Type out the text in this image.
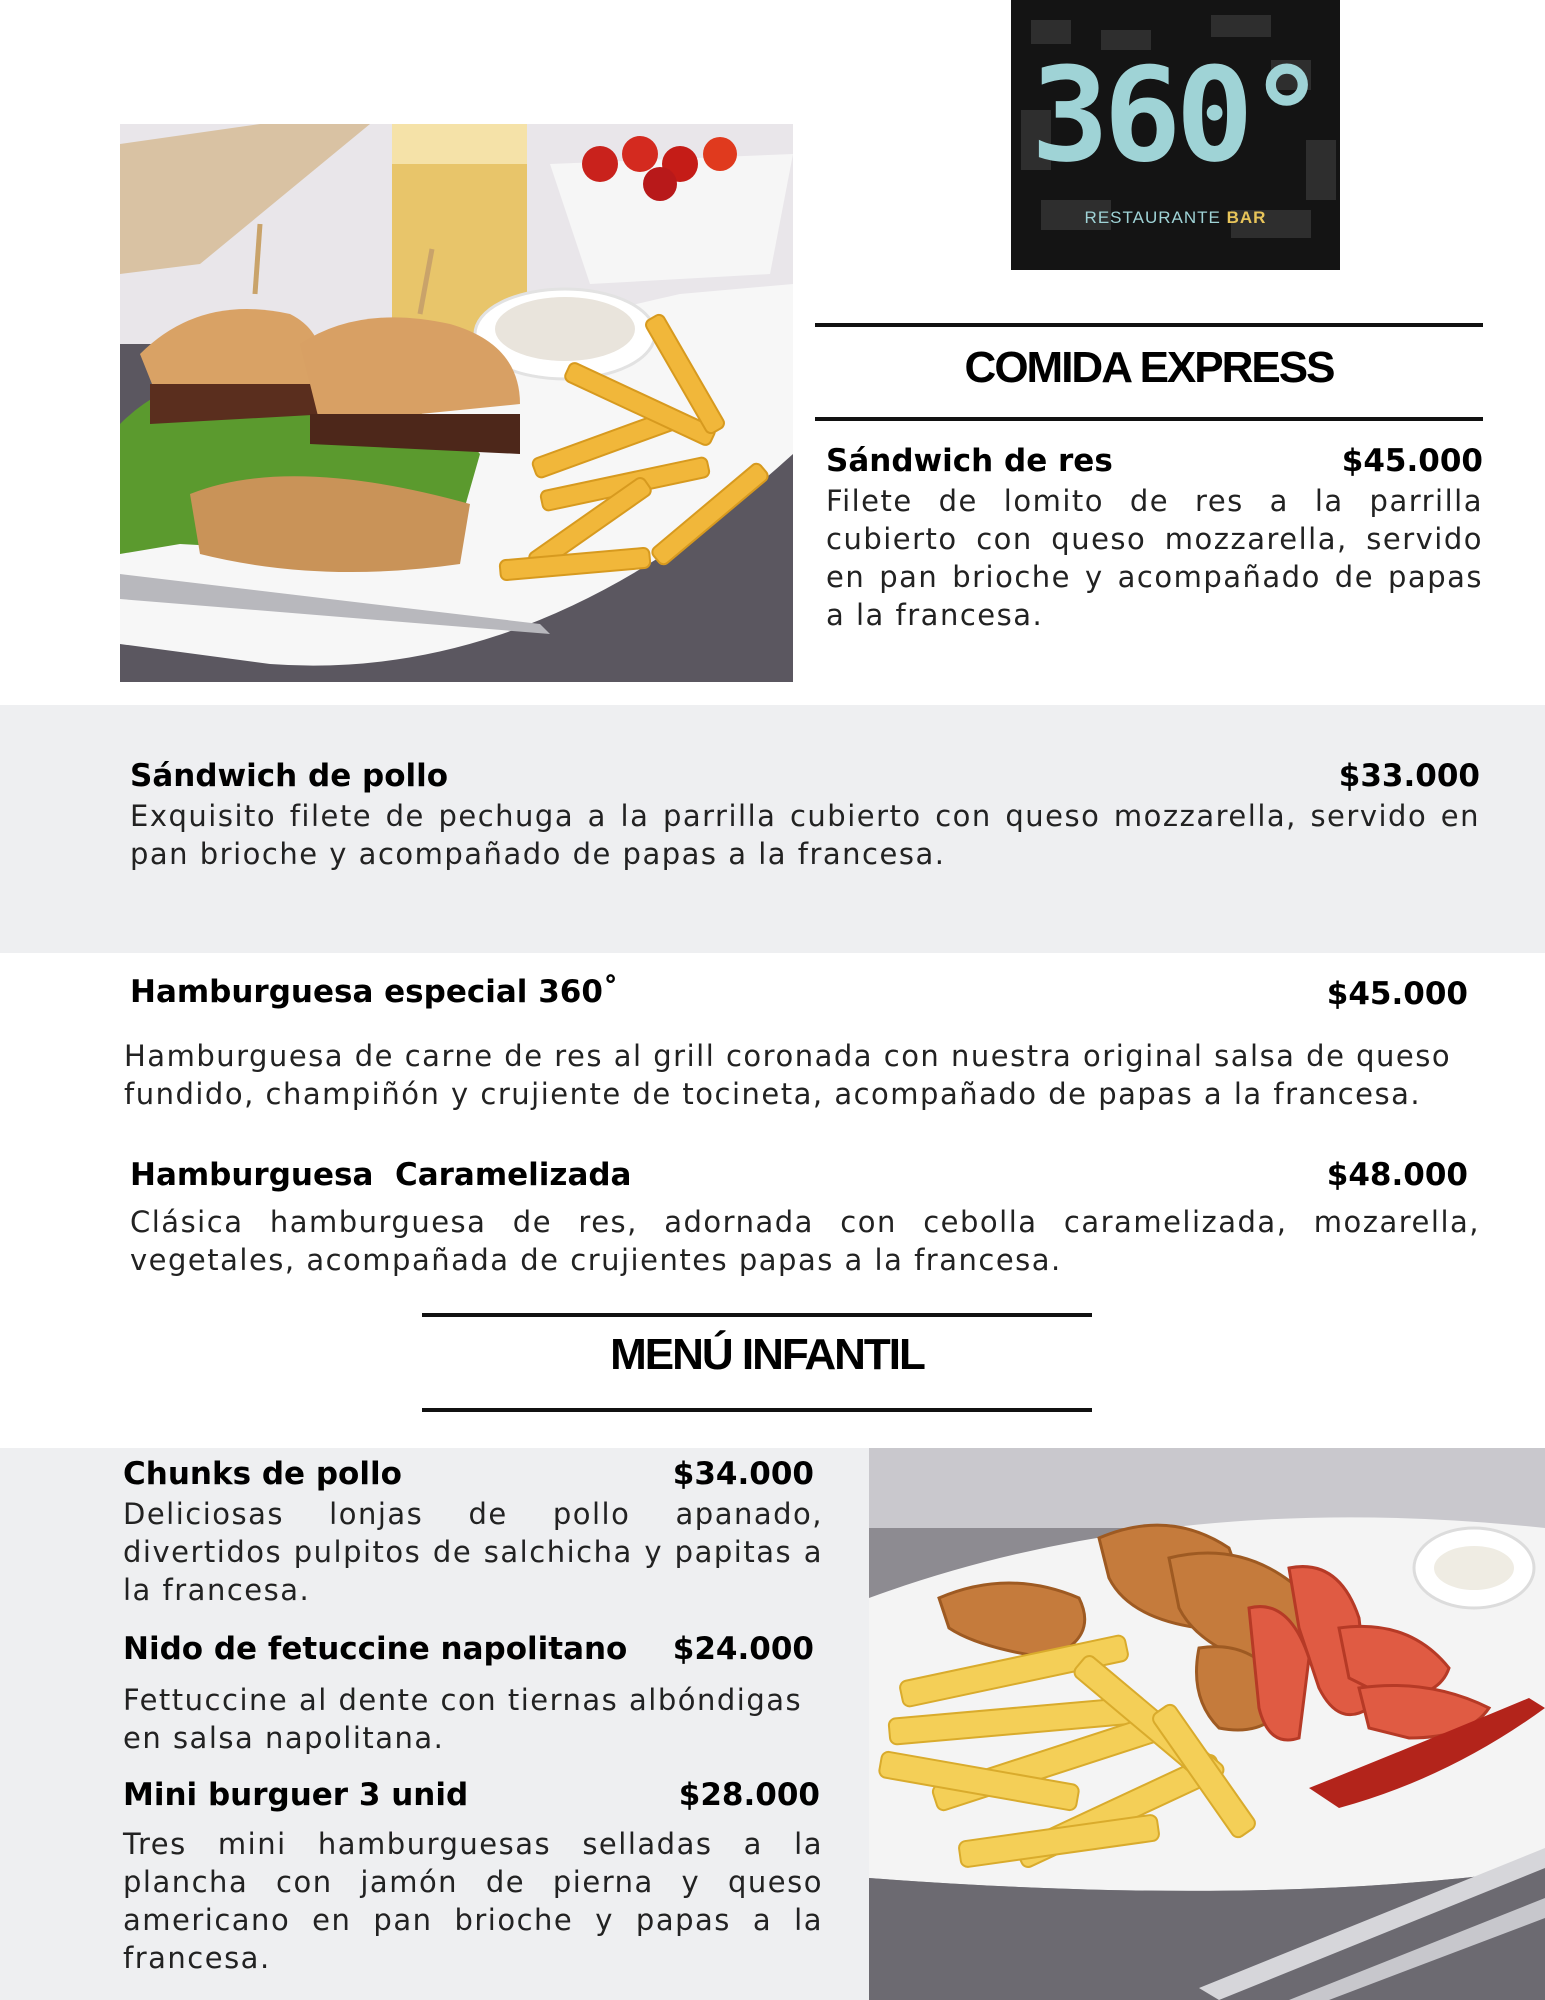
360°
RESTAURANTE BAR
COMIDA EXPRESS
Sándwich de res	$45.000
Filete de lomito de res a la parrilla cubierto con queso mozzarella, servido en pan brioche y acompañado de papas a la francesa.
Sándwich de pollo	$33.000
Exquisito filete de pechuga a la parrilla cubierto con queso mozzarella, servido en pan brioche y acompañado de papas a la francesa.
Hamburguesa especial 360˚	$45.000
Hamburguesa de carne de res al grill coronada con nuestra original salsa de queso fundido, champiñón y crujiente de tocineta, acompañado de papas a la francesa.
Hamburguesa  Caramelizada	$48.000
Clásica hamburguesa de res, adornada con cebolla caramelizada, mozarella, vegetales, acompañada de crujientes papas a la francesa.
MENÚ INFANTIL
Chunks de pollo	$34.000
Deliciosas lonjas de pollo apanado, divertidos pulpitos de salchicha y papitas a la francesa.
Nido de fetuccine napolitano	$24.000
Fettuccine al dente con tiernas albóndigas en salsa napolitana.
Mini burguer 3 unid	$28.000
Tres mini hamburguesas selladas a la plancha con jamón de pierna y queso americano en pan brioche y papas a la francesa.
